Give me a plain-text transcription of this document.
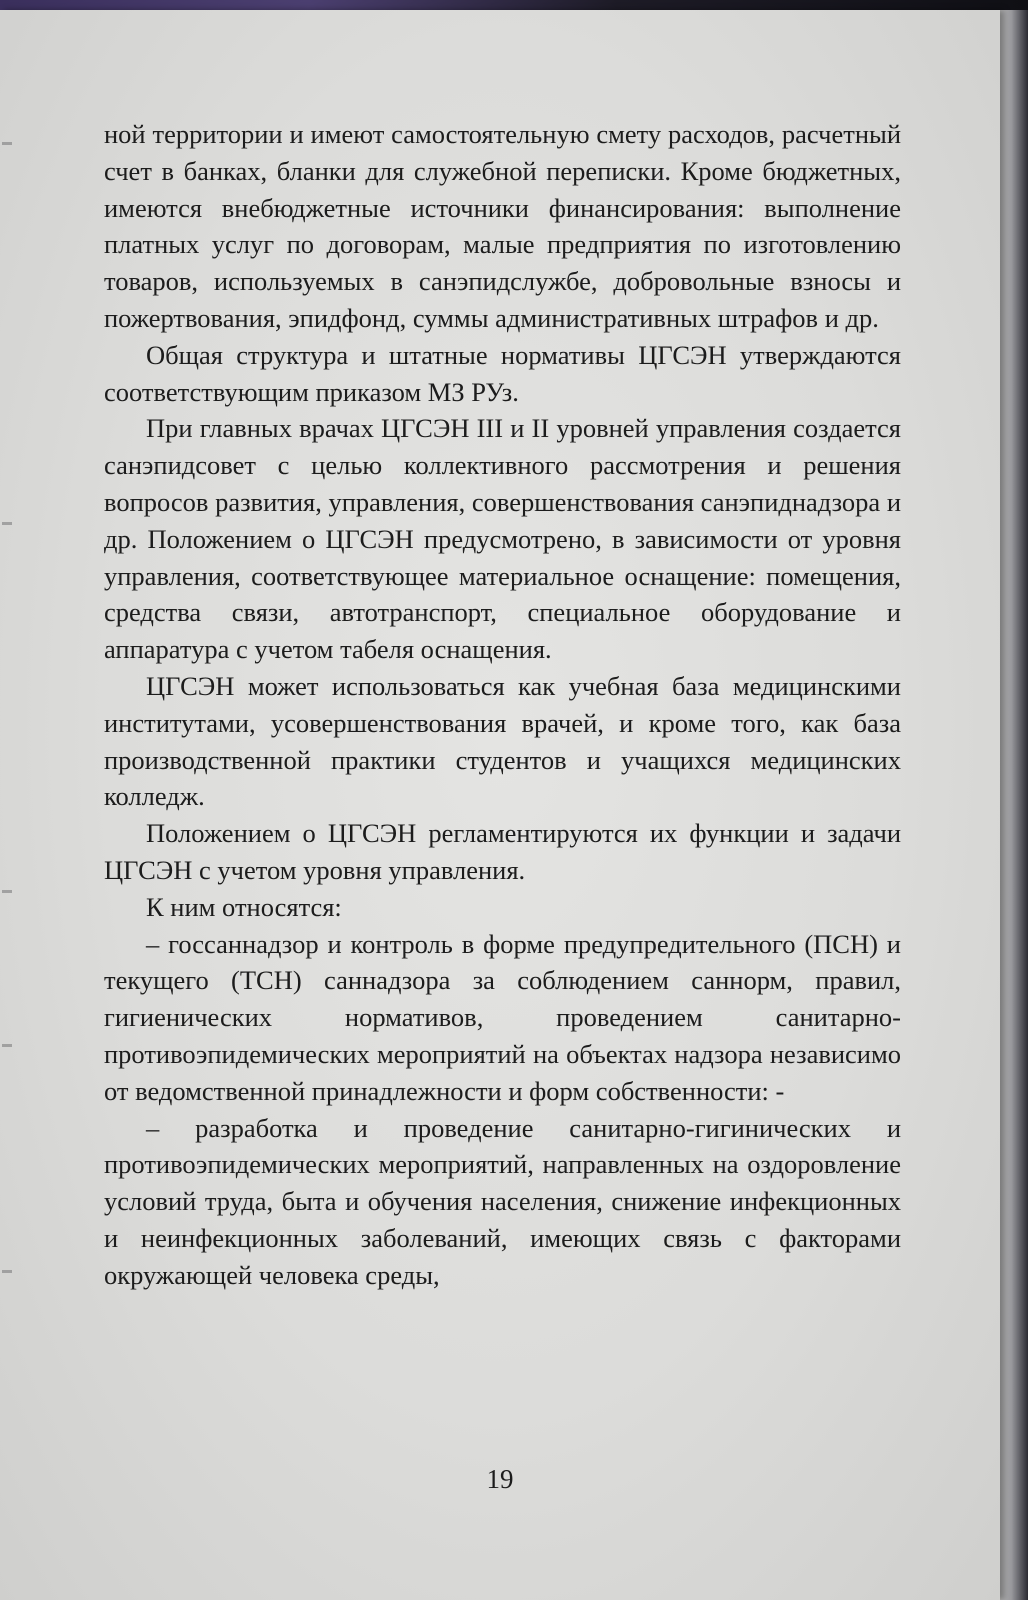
ной территории и имеют самостоятельную смету расходов, расчетный счет в банках, бланки для служебной переписки. Кроме бюджетных, имеются внебюджетные источники финансирования: выполнение платных услуг по договорам, малые предприятия по изготовлению товаров, используемых в санэпидслужбе, добровольные взносы и пожертвования, эпидфонд, суммы административных штрафов и др.

Общая структура и штатные нормативы ЦГСЭН утверждаются соответствующим приказом МЗ РУз.

При главных врачах ЦГСЭН III и II уровней управления создается санэпидсовет с целью коллективного рассмотрения и решения вопросов развития, управления, совершенствования санэпиднадзора и др. Положением о ЦГСЭН предусмотрено, в зависимости от уровня управления, соответствующее материальное оснащение: помещения, средства связи, автотранспорт, специальное оборудование и аппаратура с учетом табеля оснащения.

ЦГСЭН может использоваться как учебная база медицинскими институтами, усовершенствования врачей, и кроме того, как база производственной практики студентов и учащихся медицинских колледж.

Положением о ЦГСЭН регламентируются их функции и задачи ЦГСЭН с учетом уровня управления.

К ним относятся:

– госсаннадзор и контроль в форме предупредительного (ПСН) и текущего (ТСН) саннадзора за соблюдением саннорм, правил, гигиенических нормативов, проведением санитарно-противоэпидемических мероприятий на объектах надзора независимо от ведомственной принадлежности и форм собственности: -

– разработка и проведение санитарно-гигинических и противоэпидемических мероприятий, направленных на оздоровление условий труда, быта и обучения населения, снижение инфекционных и неинфекционных заболеваний, имеющих связь с факторами окружающей человека среды,

19
